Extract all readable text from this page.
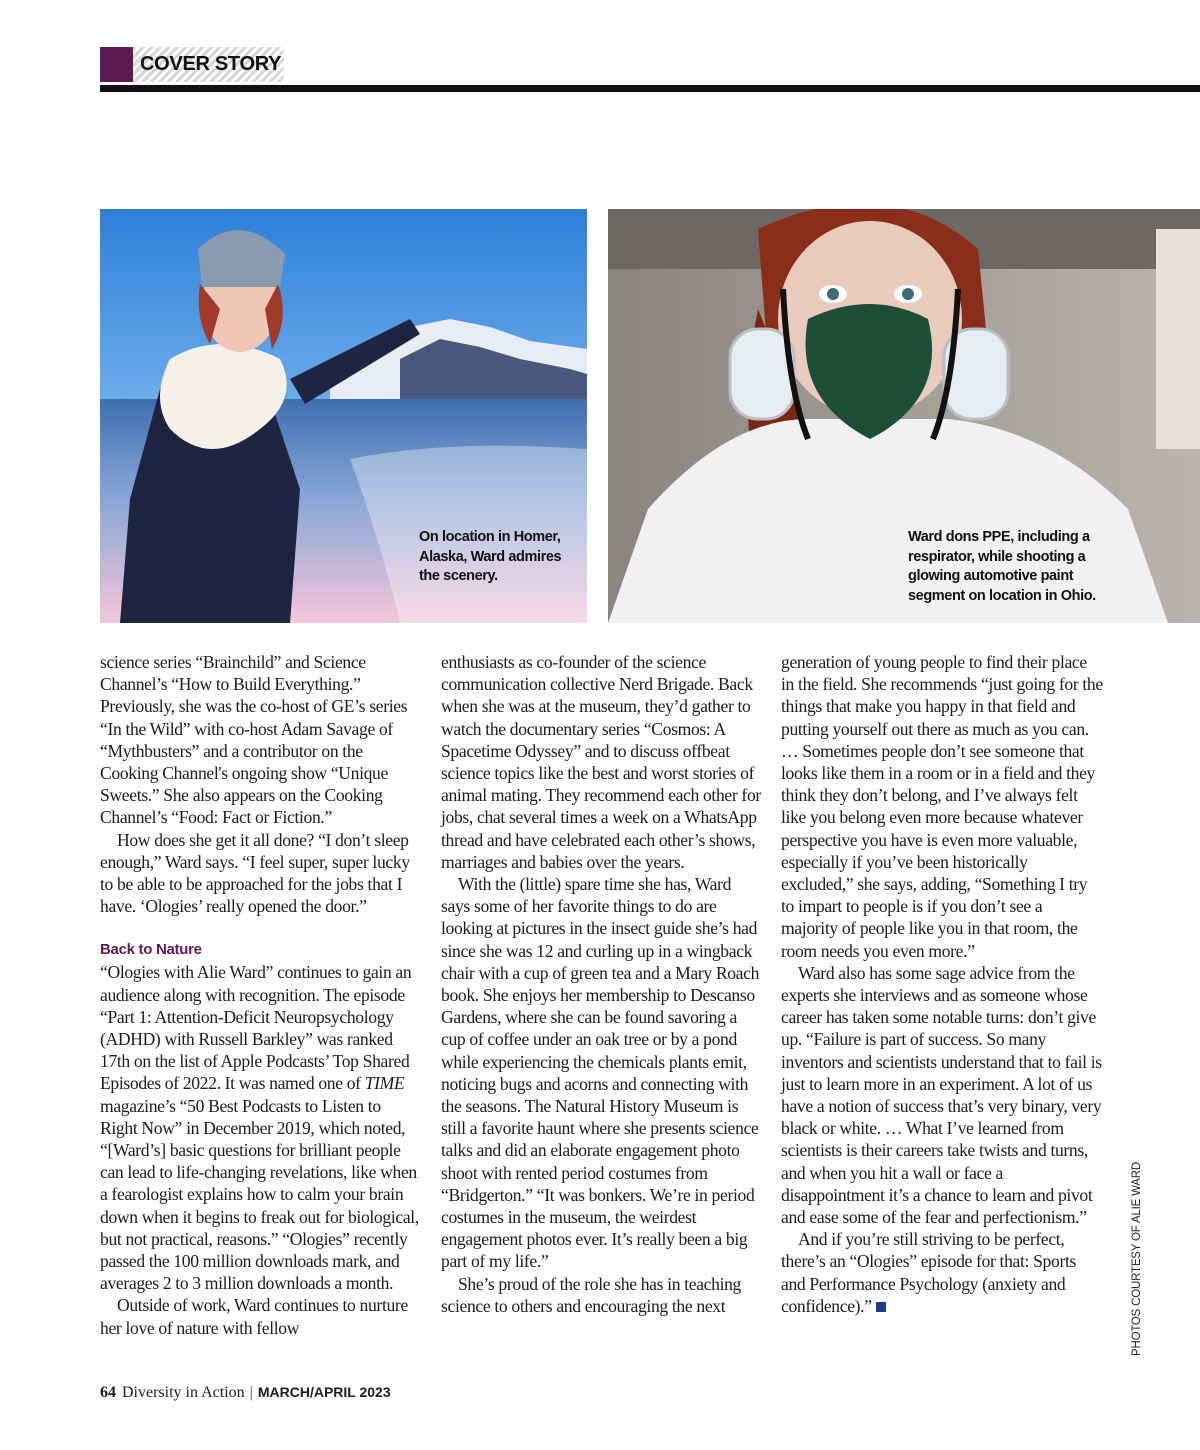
COVER STORY
On location in Homer, Alaska, Ward admires the scenery.
Ward dons PPE, including a respirator, while shooting a glowing automotive paint segment on location in Ohio.

science series “Brainchild” and Science Channel’s “How to Build Everything.” Previously, she was the co-host of GE’s series “In the Wild” with co-host Adam Savage of “Mythbusters” and a contributor on the Cooking Channel's ongoing show “Unique Sweets.” She also appears on the Cooking Channel’s “Food: Fact or Fiction.”

How does she get it all done? “I don’t sleep enough,” Ward says. “I feel super, super lucky to be able to be approached for the jobs that I have. ‘Ologies’ really opened the door.”

Back to Nature

“Ologies with Alie Ward” continues to gain an audience along with recognition. The episode “Part 1: Attention-Deficit Neuropsychology (ADHD) with Russell Barkley” was ranked 17th on the list of Apple Podcasts’ Top Shared Episodes of 2022. It was named one of TIME magazine’s “50 Best Podcasts to Listen to Right Now” in December 2019, which noted, “[Ward’s] basic questions for brilliant people can lead to life-changing revelations, like when a fearologist explains how to calm your brain down when it begins to freak out for biological, but not practical, reasons.” “Ologies” recently passed the 100 million downloads mark, and averages 2 to 3 million downloads a month.

Outside of work, Ward continues to nurture her love of nature with fellow

enthusiasts as co-founder of the science communication collective Nerd Brigade. Back when she was at the museum, they’d gather to watch the documentary series “Cosmos: A Spacetime Odyssey” and to discuss offbeat science topics like the best and worst stories of animal mating. They recommend each other for jobs, chat several times a week on a WhatsApp thread and have celebrated each other’s shows, marriages and babies over the years.

With the (little) spare time she has, Ward says some of her favorite things to do are looking at pictures in the insect guide she’s had since she was 12 and curling up in a wingback chair with a cup of green tea and a Mary Roach book. She enjoys her membership to Descanso Gardens, where she can be found savoring a cup of coffee under an oak tree or by a pond while experiencing the chemicals plants emit, noticing bugs and acorns and connecting with the seasons. The Natural History Museum is still a favorite haunt where she presents science talks and did an elaborate engagement photo shoot with rented period costumes from “Bridgerton.” “It was bonkers. We’re in period costumes in the museum, the weirdest engagement photos ever. It’s really been a big part of my life.”

She’s proud of the role she has in teaching science to others and encouraging the next

generation of young people to find their place in the field. She recommends “just going for the things that make you happy in that field and putting yourself out there as much as you can. … Sometimes people don’t see someone that looks like them in a room or in a field and they think they don’t belong, and I’ve always felt like you belong even more because whatever perspective you have is even more valuable, especially if you’ve been historically excluded,” she says, adding, “Something I try to impart to people is if you don’t see a majority of people like you in that room, the room needs you even more.”

Ward also has some sage advice from the experts she interviews and as someone whose career has taken some notable turns: don’t give up. “Failure is part of success. So many inventors and scientists understand that to fail is just to learn more in an experiment. A lot of us have a notion of success that’s very binary, very black or white. … What I’ve learned from scientists is their careers take twists and turns, and when you hit a wall or face a disappointment it’s a chance to learn and pivot and ease some of the fear and perfectionism.”

And if you’re still striving to be perfect, there’s an “Ologies” episode for that: Sports and Performance Psychology (anxiety and confidence).”	PHOTOS COURTESY OF ALIE WARD
64 Diversity in Action | MARCH/APRIL 2023
